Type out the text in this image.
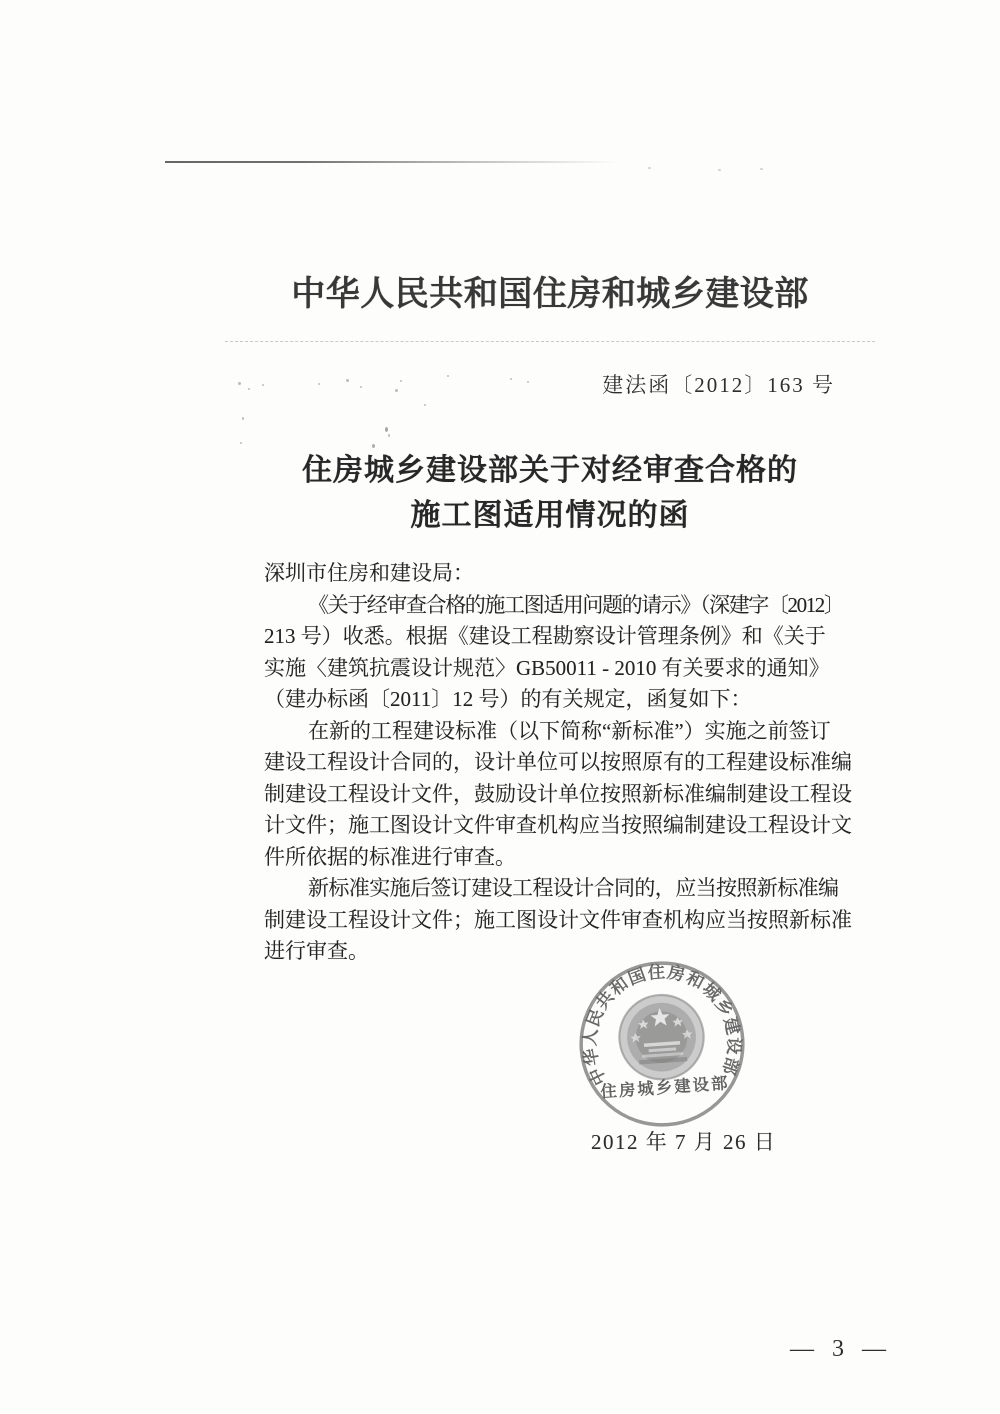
中华人民共和国住房和城乡建设部
建法函〔2012〕163 号
住房城乡建设部关于对经审查合格的
施工图适用情况的函
深圳市住房和建设局：
《关于经审查合格的施工图适用问题的请示》（深建字〔2012〕
213 号）收悉。根据《建设工程勘察设计管理条例》和《关于
实施〈建筑抗震设计规范〉GB50011 - 2010 有关要求的通知》
（建办标函〔2011〕12 号）的有关规定，函复如下：
在新的工程建设标准（以下简称“新标准”）实施之前签订
建设工程设计合同的，设计单位可以按照原有的工程建设标准编
制建设工程设计文件，鼓励设计单位按照新标准编制建设工程设
计文件；施工图设计文件审查机构应当按照编制建设工程设计文
件所依据的标准进行审查。
新标准实施后签订建设工程设计合同的，应当按照新标准编
制建设工程设计文件；施工图设计文件审查机构应当按照新标准
进行审查。
中华人民共和国住房和城乡建设部
住房城乡建设部
2012 年 7 月 26 日
— 3 —
